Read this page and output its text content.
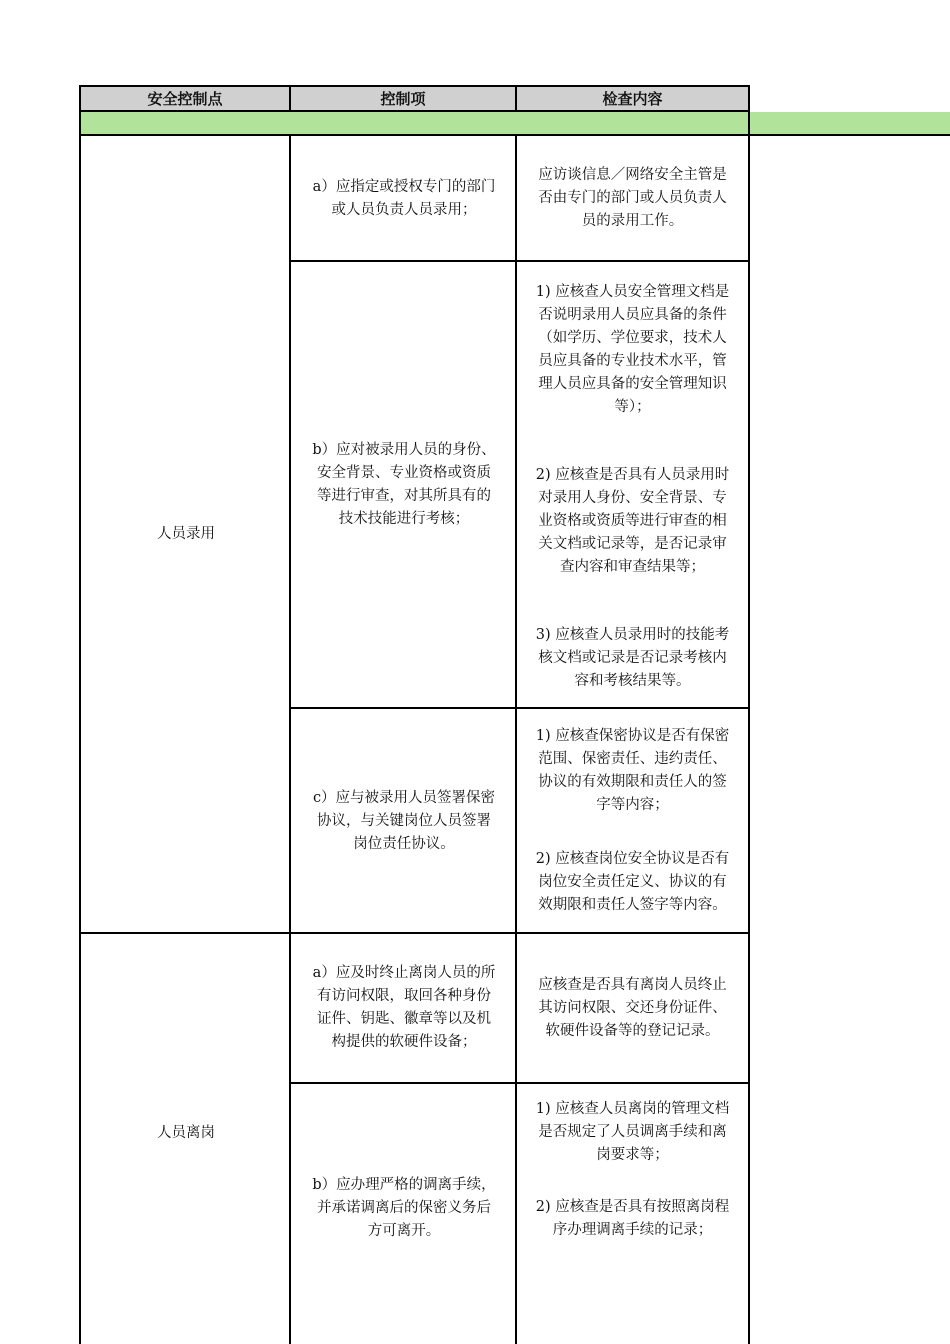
安全控制点	控制项	检查内容
人员录用
a）应指定或授权专门的部门
或人员负责人员录用；
应访谈信息／网络安全主管是
否由专门的部门或人员负责人
员的录用工作。
b）应对被录用人员的身份、
安全背景、专业资格或资质
等进行审查，对其所具有的
技术技能进行考核；
1) 应核查人员安全管理文档是
否说明录用人员应具备的条件
（如学历、学位要求，技术人
员应具备的专业技术水平，管
理人员应具备的安全管理知识
等）；
2) 应核查是否具有人员录用时
对录用人身份、安全背景、专
业资格或资质等进行审查的相
关文档或记录等，是否记录审
查内容和审查结果等；
3) 应核查人员录用时的技能考
核文档或记录是否记录考核内
容和考核结果等。
c）应与被录用人员签署保密
协议，与关键岗位人员签署
岗位责任协议。
1) 应核查保密协议是否有保密
范围、保密责任、违约责任、
协议的有效期限和责任人的签
字等内容；
2) 应核查岗位安全协议是否有
岗位安全责任定义、协议的有
效期限和责任人签字等内容。
人员离岗
a）应及时终止离岗人员的所
有访问权限，取回各种身份
证件、钥匙、徽章等以及机
构提供的软硬件设备；
应核查是否具有离岗人员终止
其访问权限、交还身份证件、
软硬件设备等的登记记录。
b）应办理严格的调离手续，
并承诺调离后的保密义务后
方可离开。
1) 应核查人员离岗的管理文档
是否规定了人员调离手续和离
岗要求等；
2) 应核查是否具有按照离岗程
序办理调离手续的记录；
